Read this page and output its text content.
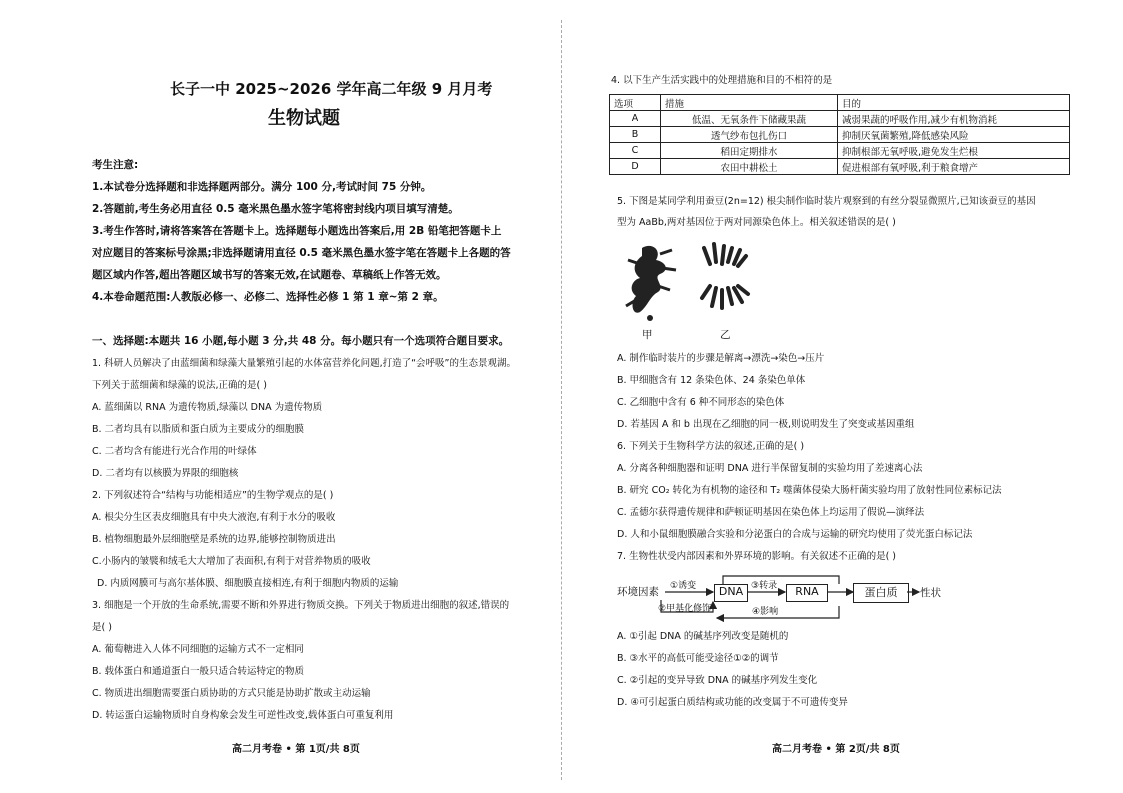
长子一中 2025~2026 学年高二年级 9 月月考
生物试题
考生注意:
1.本试卷分选择题和非选择题两部分。满分 100 分,考试时间 75 分钟。
2.答题前,考生务必用直径 0.5 毫米黑色墨水签字笔将密封线内项目填写清楚。
3.考生作答时,请将答案答在答题卡上。选择题每小题选出答案后,用 2B 铅笔把答题卡上
对应题目的答案标号涂黑;非选择题请用直径 0.5 毫米黑色墨水签字笔在答题卡上各题的答
题区域内作答,超出答题区域书写的答案无效,在试题卷、草稿纸上作答无效。
4.本卷命题范围:人教版必修一、必修二、选择性必修 1 第 1 章~第 2 章。
一、选择题:本题共 16 小题,每小题 3 分,共 48 分。每小题只有一个选项符合题目要求。
1. 科研人员解决了由蓝细菌和绿藻大量繁殖引起的水体富营养化问题,打造了“会呼吸”的生态景观湖。
下列关于蓝细菌和绿藻的说法,正确的是( )
A. 蓝细菌以 RNA 为遗传物质,绿藻以 DNA 为遗传物质
B. 二者均具有以脂质和蛋白质为主要成分的细胞膜
C. 二者均含有能进行光合作用的叶绿体
D. 二者均有以核膜为界限的细胞核
2. 下列叙述符合“结构与功能相适应”的生物学观点的是( )
A. 根尖分生区表皮细胞具有中央大液泡,有利于水分的吸收
B. 植物细胞最外层细胞壁是系统的边界,能够控制物质进出
C.小肠内的皱襞和绒毛大大增加了表面积,有利于对营养物质的吸收
D. 内质网膜可与高尔基体膜、细胞膜直接相连,有利于细胞内物质的运输
3. 细胞是一个开放的生命系统,需要不断和外界进行物质交换。下列关于物质进出细胞的叙述,错误的
是( )
A. 葡萄糖进入人体不同细胞的运输方式不一定相同
B. 载体蛋白和通道蛋白一般只适合转运特定的物质
C. 物质进出细胞需要蛋白质协助的方式只能是协助扩散或主动运输
D. 转运蛋白运输物质时自身构象会发生可逆性改变,载体蛋白可重复利用
高二月考卷 • 第 1页/共 8页
4. 以下生产生活实践中的处理措施和目的不相符的是
选项	措施	目的
A	低温、无氧条件下储藏果蔬	减弱果蔬的呼吸作用,减少有机物消耗
B	透气纱布包扎伤口	抑制厌氧菌繁殖,降低感染风险
C	稻田定期排水	抑制根部无氧呼吸,避免发生烂根
D	农田中耕松土	促进根部有氧呼吸,利于粮食增产
5. 下图是某同学利用蚕豆(2n=12) 根尖制作临时装片观察到的有丝分裂显微照片,已知该蚕豆的基因
型为 AaBb,两对基因位于两对同源染色体上。相关叙述错误的是( )
甲	乙
A. 制作临时装片的步骤是解离→漂洗→染色→压片
B. 甲细胞含有 12 条染色体、24 条染色单体
C. 乙细胞中含有 6 种不同形态的染色体
D. 若基因 A 和 b 出现在乙细胞的同一极,则说明发生了突变或基因重组
6. 下列关于生物科学方法的叙述,正确的是( )
A. 分离各种细胞器和证明 DNA 进行半保留复制的实验均用了差速离心法
B. 研究 CO₂ 转化为有机物的途径和 T₂ 噬菌体侵染大肠杆菌实验均用了放射性同位素标记法
C. 孟德尔获得遗传规律和萨顿证明基因在染色体上均运用了假说—演绎法
D. 人和小鼠细胞膜融合实验和分泌蛋白的合成与运输的研究均使用了荧光蛋白标记法
7. 生物性状受内部因素和外界环境的影响。有关叙述不正确的是( )
环境因素	DNA	RNA	蛋白质	性状
①诱变
②甲基化修饰
③转录
④影响
A. ①引起 DNA 的碱基序列改变是随机的
B. ③水平的高低可能受途径①②的调节
C. ②引起的变异导致 DNA 的碱基序列发生变化
D. ④可引起蛋白质结构或功能的改变属于不可遗传变异
高二月考卷 • 第 2页/共 8页
